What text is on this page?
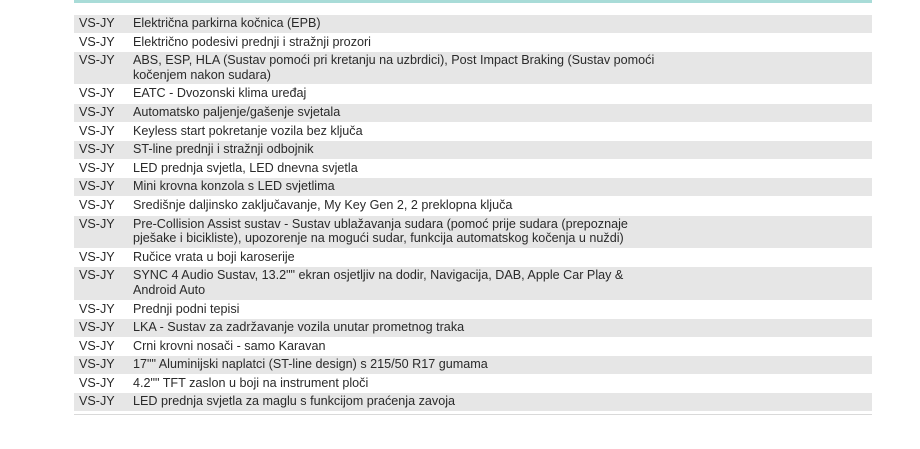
VS-JY	Električna parkirna kočnica (EPB)

VS-JY	Električno podesivi prednji i stražnji prozori

VS-JY	ABS, ESP, HLA (Sustav pomoći pri kretanju na uzbrdici), Post Impact Braking (Sustav pomoći kočenjem nakon sudara)

VS-JY	EATC - Dvozonski klima uređaj

VS-JY	Automatsko paljenje/gašenje svjetala

VS-JY	Keyless start pokretanje vozila bez ključa

VS-JY	ST-line prednji i stražnji odbojnik

VS-JY	LED prednja svjetla, LED dnevna svjetla

VS-JY	Mini krovna konzola s LED svjetlima

VS-JY	Središnje daljinsko zaključavanje, My Key Gen 2, 2 preklopna ključa

VS-JY	Pre-Collision Assist sustav - Sustav ublažavanja sudara (pomoć prije sudara (prepoznaje pješake i bicikliste), upozorenje na mogući sudar, funkcija automatskog kočenja u nuždi)

VS-JY	Ručice vrata u boji karoserije

VS-JY	SYNC 4 Audio Sustav, 13.2"" ekran osjetljiv na dodir, Navigacija, DAB, Apple Car Play & Android Auto

VS-JY	Prednji podni tepisi

VS-JY	LKA - Sustav za zadržavanje vozila unutar prometnog traka

VS-JY	Crni krovni nosači - samo Karavan

VS-JY	17"" Aluminijski naplatci (ST-line design) s 215/50 R17 gumama

VS-JY	4.2"" TFT zaslon u boji na instrument ploči

VS-JY	LED prednja svjetla za maglu s funkcijom praćenja zavoja
